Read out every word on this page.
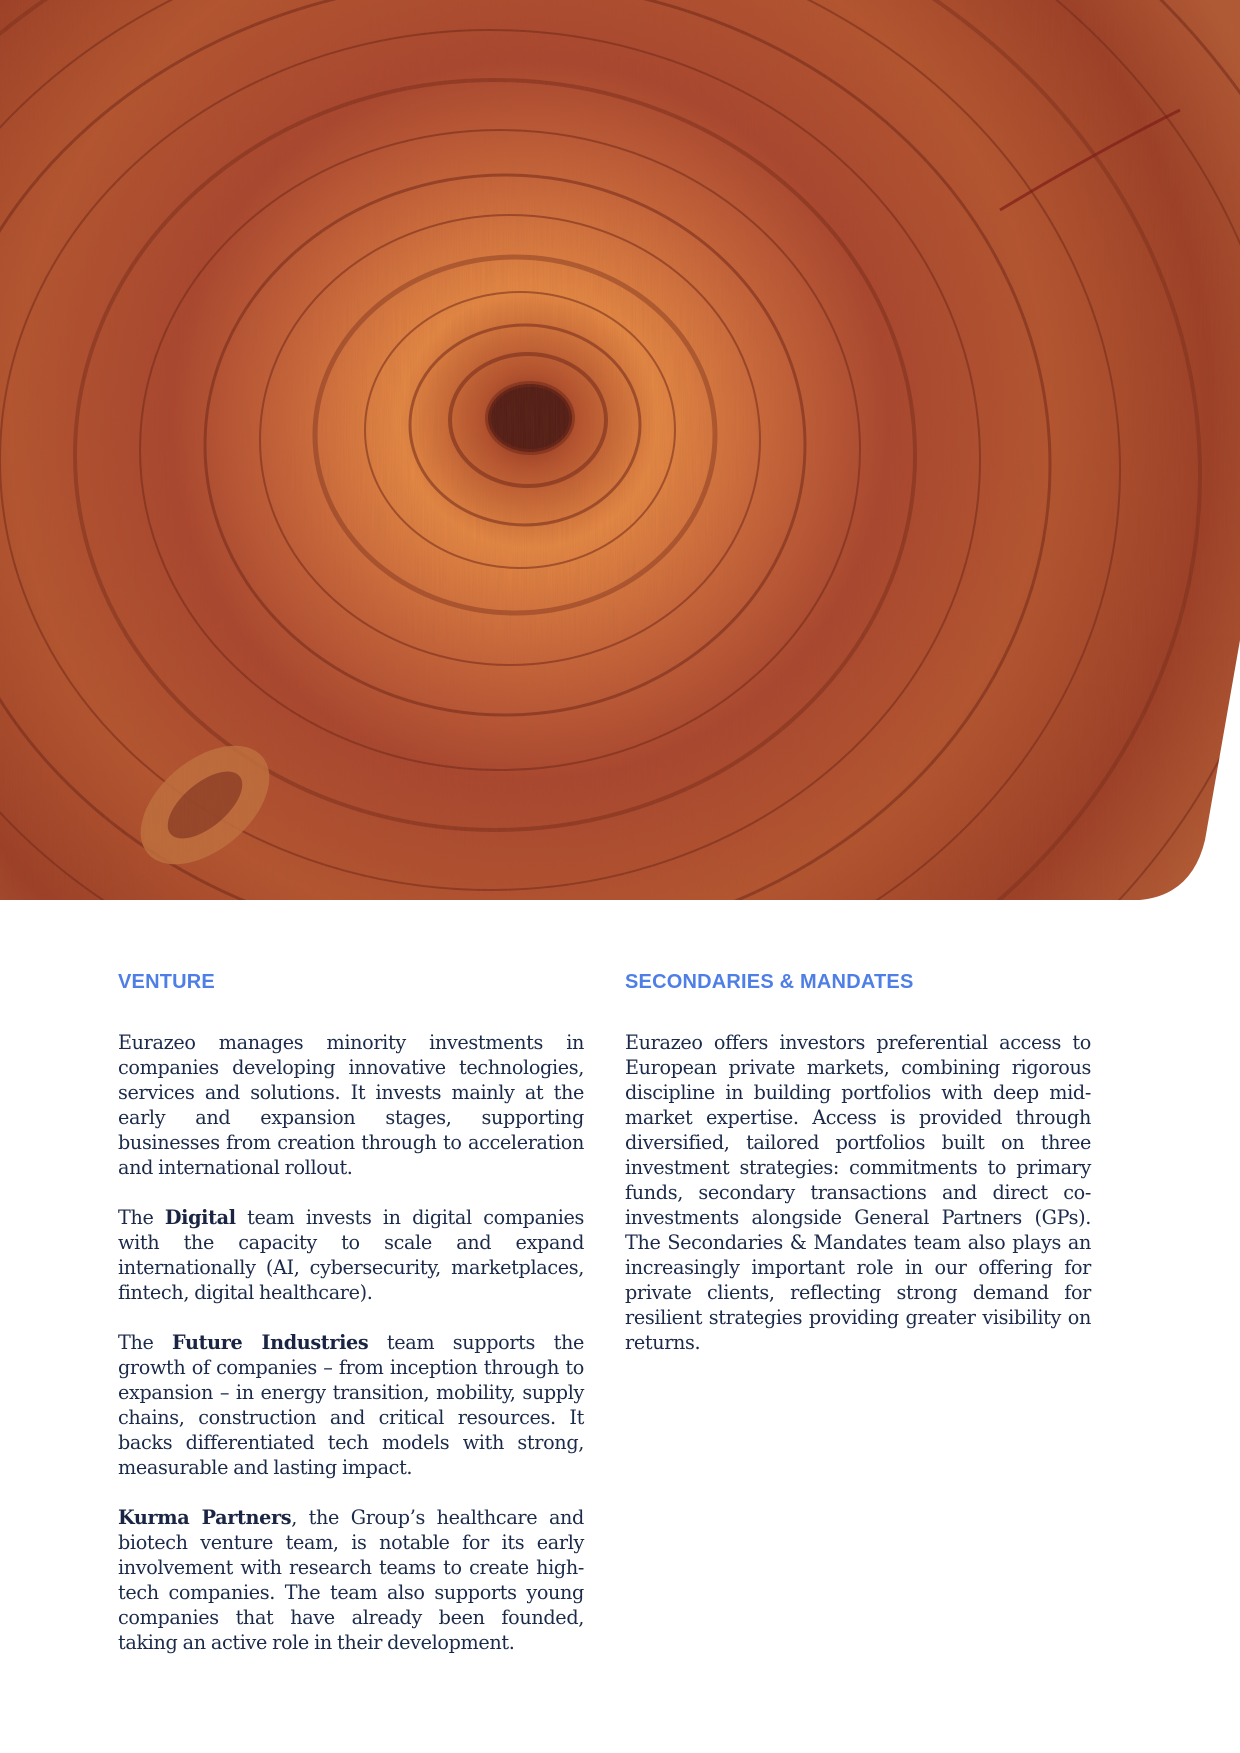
VENTURE

Eurazeo manages minority investments in companies developing innovative technologies, services and solutions. It invests mainly at the early and expansion stages, supporting businesses from creation through to acceleration and international rollout.

The Digital team invests in digital companies with the capacity to scale and expand internationally (AI, cybersecurity, marketplaces, fintech, digital healthcare).

The Future Industries team supports the growth of companies – from inception through to expansion – in energy transition, mobility, supply chains, construction and critical resources. It backs differentiated tech models with strong, measurable and lasting impact.

Kurma Partners, the Group’s healthcare and biotech venture team, is notable for its early involvement with research teams to create high-tech companies. The team also supports young companies that have already been founded, taking an active role in their development.

SECONDARIES & MANDATES

Eurazeo offers investors preferential access to European private markets, combining rigorous discipline in building portfolios with deep mid-market expertise. Access is provided through diversified, tailored portfolios built on three investment strategies: commitments to primary funds, secondary transactions and direct co-investments alongside General Partners (GPs). The Secondaries & Mandates team also plays an increasingly important role in our offering for private clients, reflecting strong demand for resilient strategies providing greater visibility on returns.
